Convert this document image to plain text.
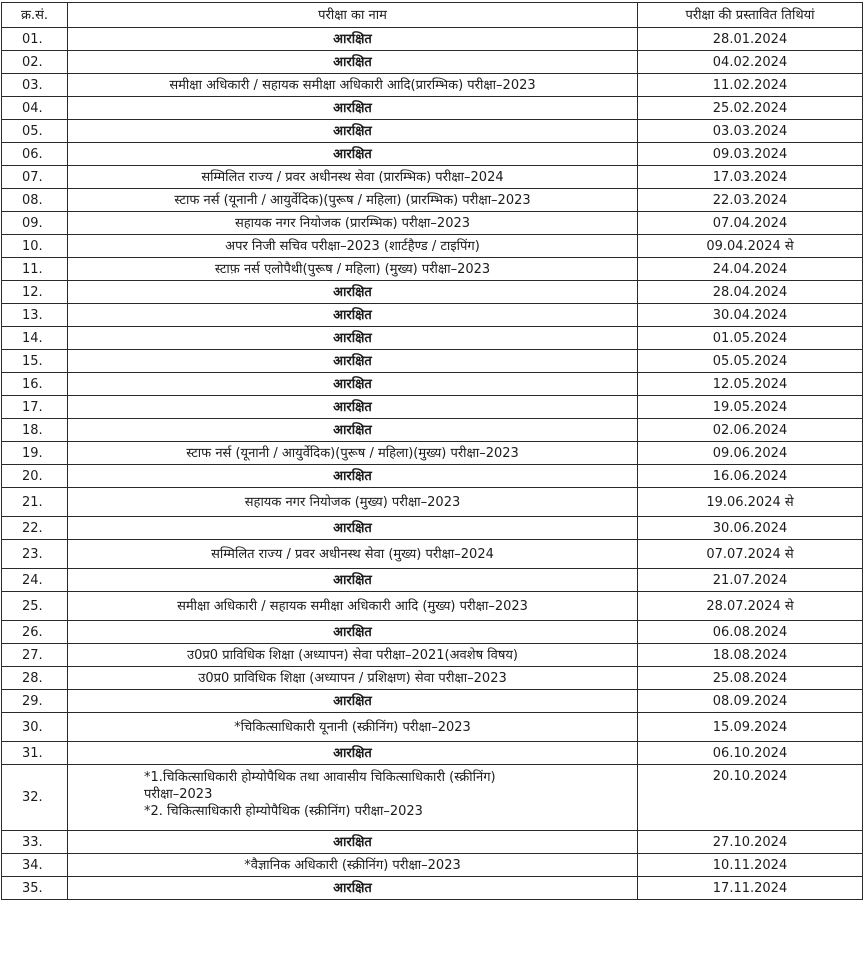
क्र.सं.	परीक्षा का नाम	परीक्षा की प्रस्तावित तिथियां
01.	आरक्षित	28.01.2024
02.	आरक्षित	04.02.2024
03.	समीक्षा अधिकारी / सहायक समीक्षा अधिकारी आदि(प्रारम्भिक) परीक्षा–2023	11.02.2024
04.	आरक्षित	25.02.2024
05.	आरक्षित	03.03.2024
06.	आरक्षित	09.03.2024
07.	सम्मिलित राज्य / प्रवर अधीनस्थ सेवा (प्रारम्भिक) परीक्षा–2024	17.03.2024
08.	स्टाफ नर्स (यूनानी / आयुर्वेदिक)(पुरूष / महिला) (प्रारम्भिक) परीक्षा–2023	22.03.2024
09.	सहायक नगर नियोजक (प्रारम्भिक) परीक्षा–2023	07.04.2024
10.	अपर निजी सचिव परीक्षा–2023 (शार्टहैण्ड / टाइपिंग)	09.04.2024 से
11.	स्टाफ़ नर्स एलोपैथी(पुरूष / महिला) (मुख्य) परीक्षा–2023	24.04.2024
12.	आरक्षित	28.04.2024
13.	आरक्षित	30.04.2024
14.	आरक्षित	01.05.2024
15.	आरक्षित	05.05.2024
16.	आरक्षित	12.05.2024
17.	आरक्षित	19.05.2024
18.	आरक्षित	02.06.2024
19.	स्टाफ नर्स (यूनानी / आयुर्वेदिक)(पुरूष / महिला)(मुख्य) परीक्षा–2023	09.06.2024
20.	आरक्षित	16.06.2024
21.	सहायक नगर नियोजक (मुख्य) परीक्षा–2023	19.06.2024 से
22.	आरक्षित	30.06.2024
23.	सम्मिलित राज्य / प्रवर अधीनस्थ सेवा (मुख्य) परीक्षा–2024	07.07.2024 से
24.	आरक्षित	21.07.2024
25.	समीक्षा अधिकारी / सहायक समीक्षा अधिकारी आदि (मुख्य) परीक्षा–2023	28.07.2024 से
26.	आरक्षित	06.08.2024
27.	उ0प्र0 प्राविधिक शिक्षा (अध्यापन) सेवा परीक्षा–2021(अवशेष विषय)	18.08.2024
28.	उ0प्र0 प्राविधिक शिक्षा (अध्यापन / प्रशिक्षण) सेवा परीक्षा–2023	25.08.2024
29.	आरक्षित	08.09.2024
30.	*चिकित्साधिकारी यूनानी (स्क्रीनिंग) परीक्षा–2023	15.09.2024
31.	आरक्षित	06.10.2024
32.	*1.चिकित्साधिकारी होम्योपैथिक तथा आवासीय चिकित्साधिकारी (स्क्रीनिंग)
परीक्षा–2023
*2. चिकित्साधिकारी होम्योपैथिक (स्क्रीनिंग) परीक्षा–2023	20.10.2024
33.	आरक्षित	27.10.2024
34.	*वैज्ञानिक अधिकारी (स्क्रीनिंग) परीक्षा–2023	10.11.2024
35.	आरक्षित	17.11.2024
